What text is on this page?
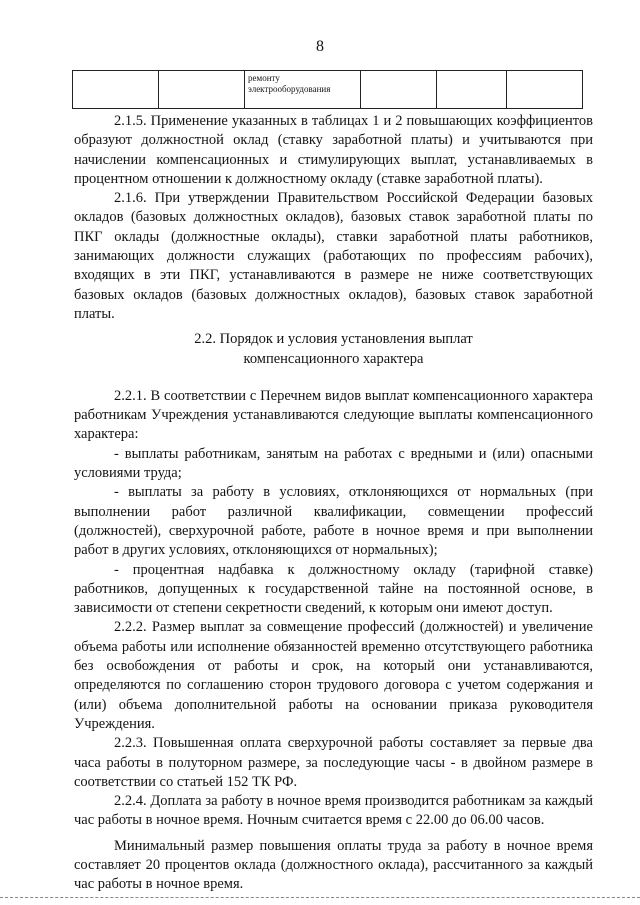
8
		ремонту электрооборудования			

2.1.5. Применение указанных в таблицах 1 и 2 повышающих коэффициентов образуют должностной оклад (ставку заработной платы) и учитываются при начислении компенсационных и стимулирующих выплат, устанавливаемых в процентном отношении к должностному окладу (ставке заработной платы).

2.1.6. При утверждении Правительством Российской Федерации базовых окладов (базовых должностных окладов), базовых ставок заработной платы по ПКГ оклады (должностные оклады), ставки заработной платы работников, занимающих должности служащих (работающих по профессиям рабочих), входящих в эти ПКГ, устанавливаются в размере не ниже соответствующих базовых окладов (базовых должностных окладов), базовых ставок заработной платы.

2.2. Порядок и условия установления выплат

компенсационного характера

2.2.1. В соответствии с Перечнем видов выплат компенсационного характера работникам Учреждения устанавливаются следующие выплаты компенсационного характера:

- выплаты работникам, занятым на работах с вредными и (или) опасными условиями труда;

- выплаты за работу в условиях, отклоняющихся от нормальных (при выполнении работ различной квалификации, совмещении профессий (должностей), сверхурочной работе, работе в ночное время и при выполнении работ в других условиях, отклоняющихся от нормальных);

- процентная надбавка к должностному окладу (тарифной ставке) работников, допущенных к государственной тайне на постоянной основе, в зависимости от степени секретности сведений, к которым они имеют доступ.

2.2.2. Размер выплат за совмещение профессий (должностей) и увеличение объема работы или исполнение обязанностей временно отсутствующего работника без освобождения от работы и срок, на который они устанавливаются, определяются по соглашению сторон трудового договора с учетом содержания и (или) объема дополнительной работы на основании приказа руководителя Учреждения.

2.2.3. Повышенная оплата сверхурочной работы составляет за первые два часа работы в полуторном размере, за последующие часы - в двойном размере в соответствии со статьей 152 ТК РФ.

2.2.4. Доплата за работу в ночное время производится работникам за каждый час работы в ночное время. Ночным считается время с 22.00 до 06.00 часов.

Минимальный размер повышения оплаты труда за работу в ночное время составляет 20 процентов оклада (должностного оклада), рассчитанного за каждый час работы в ночное время.
